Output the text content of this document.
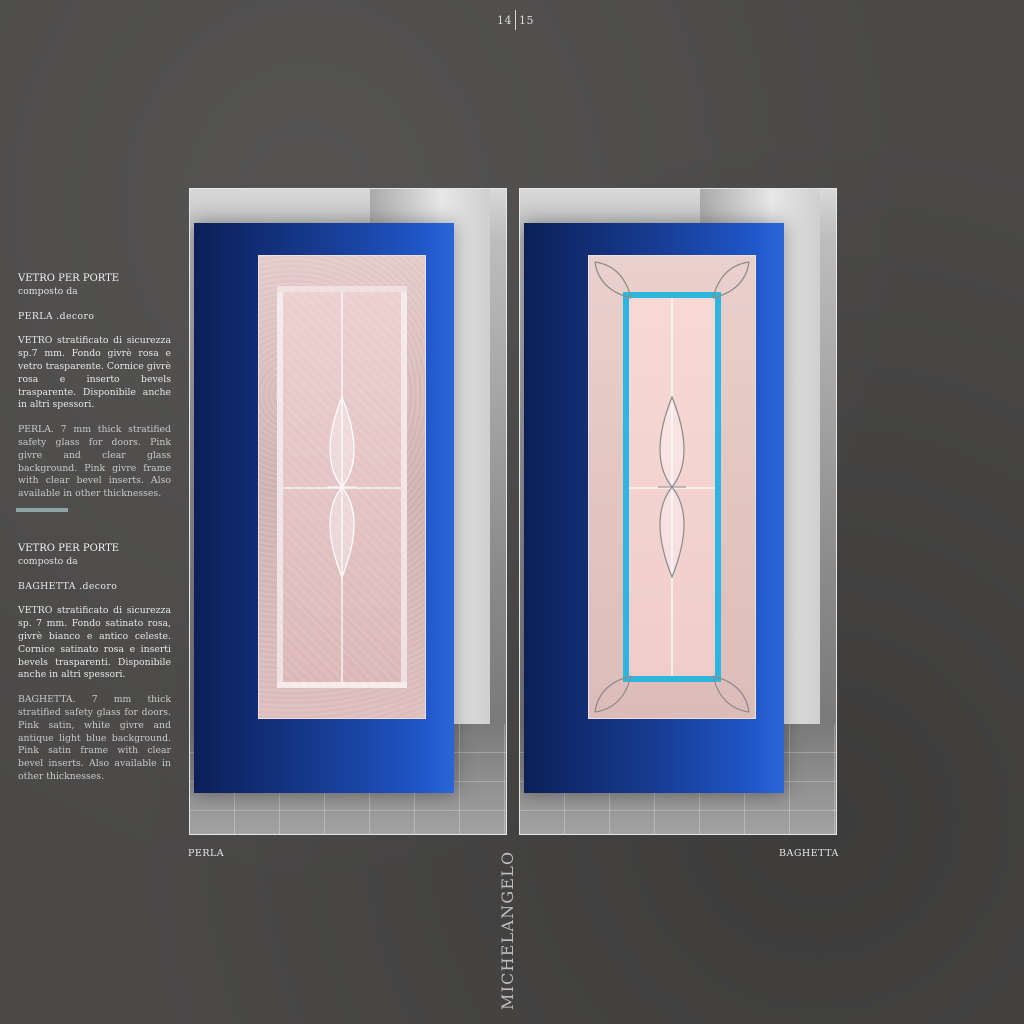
14 15

VETRO PER PORTE

composto da

PERLA .decoro

VETRO stratificato di sicurezza sp.7 mm. Fondo givrè rosa e vetro trasparente. Cornice givrè rosa e inserto bevels trasparente. Disponibile anche in altri spessori.

PERLA. 7 mm thick stratified safety glass for doors. Pink givre and clear glass background. Pink givre frame with clear bevel inserts. Also available in other thicknesses.

VETRO PER PORTE

composto da

BAGHETTA .decoro

VETRO stratificato di sicurezza sp. 7 mm. Fondo satinato rosa, givrè bianco e antico celeste. Cornice satinato rosa e inserti bevels trasparenti. Disponibile anche in altri spessori.

BAGHETTA. 7 mm thick stratified safety glass for doors. Pink satin, white givre and antique light blue background. Pink satin frame with clear bevel inserts. Also available in other thicknesses.

PERLA	BAGHETTA
MICHELANGELO
